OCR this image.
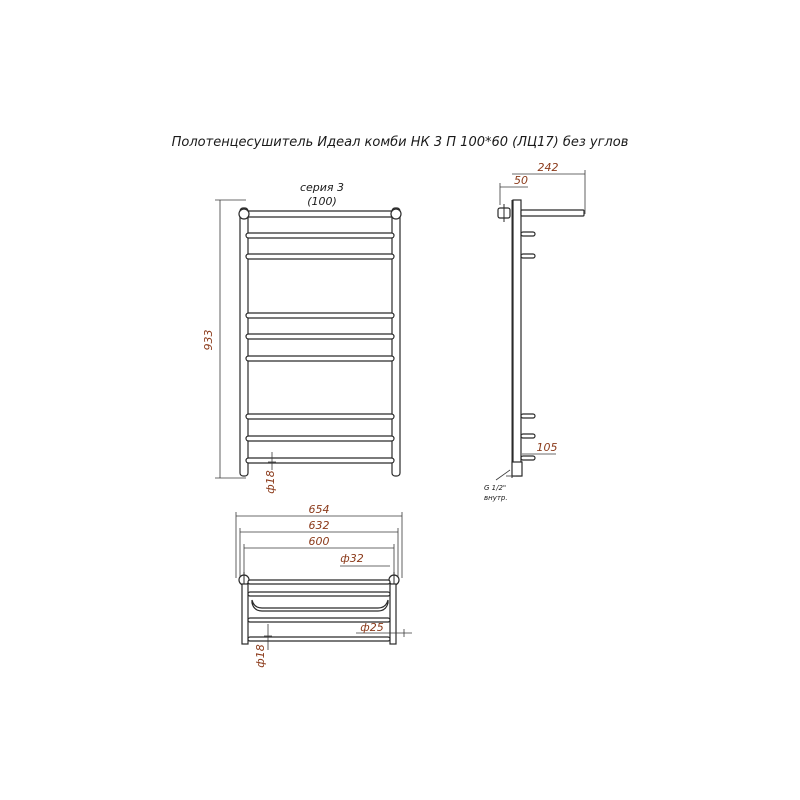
Полотенцесушитель Идеал комби НК 3 П 100*60 (ЛЦ17) без углов
933
серия 3
(100)
ф18
242
50
105
G 1/2"
внутр.
654
632
600
ф32
ф25
ф18
